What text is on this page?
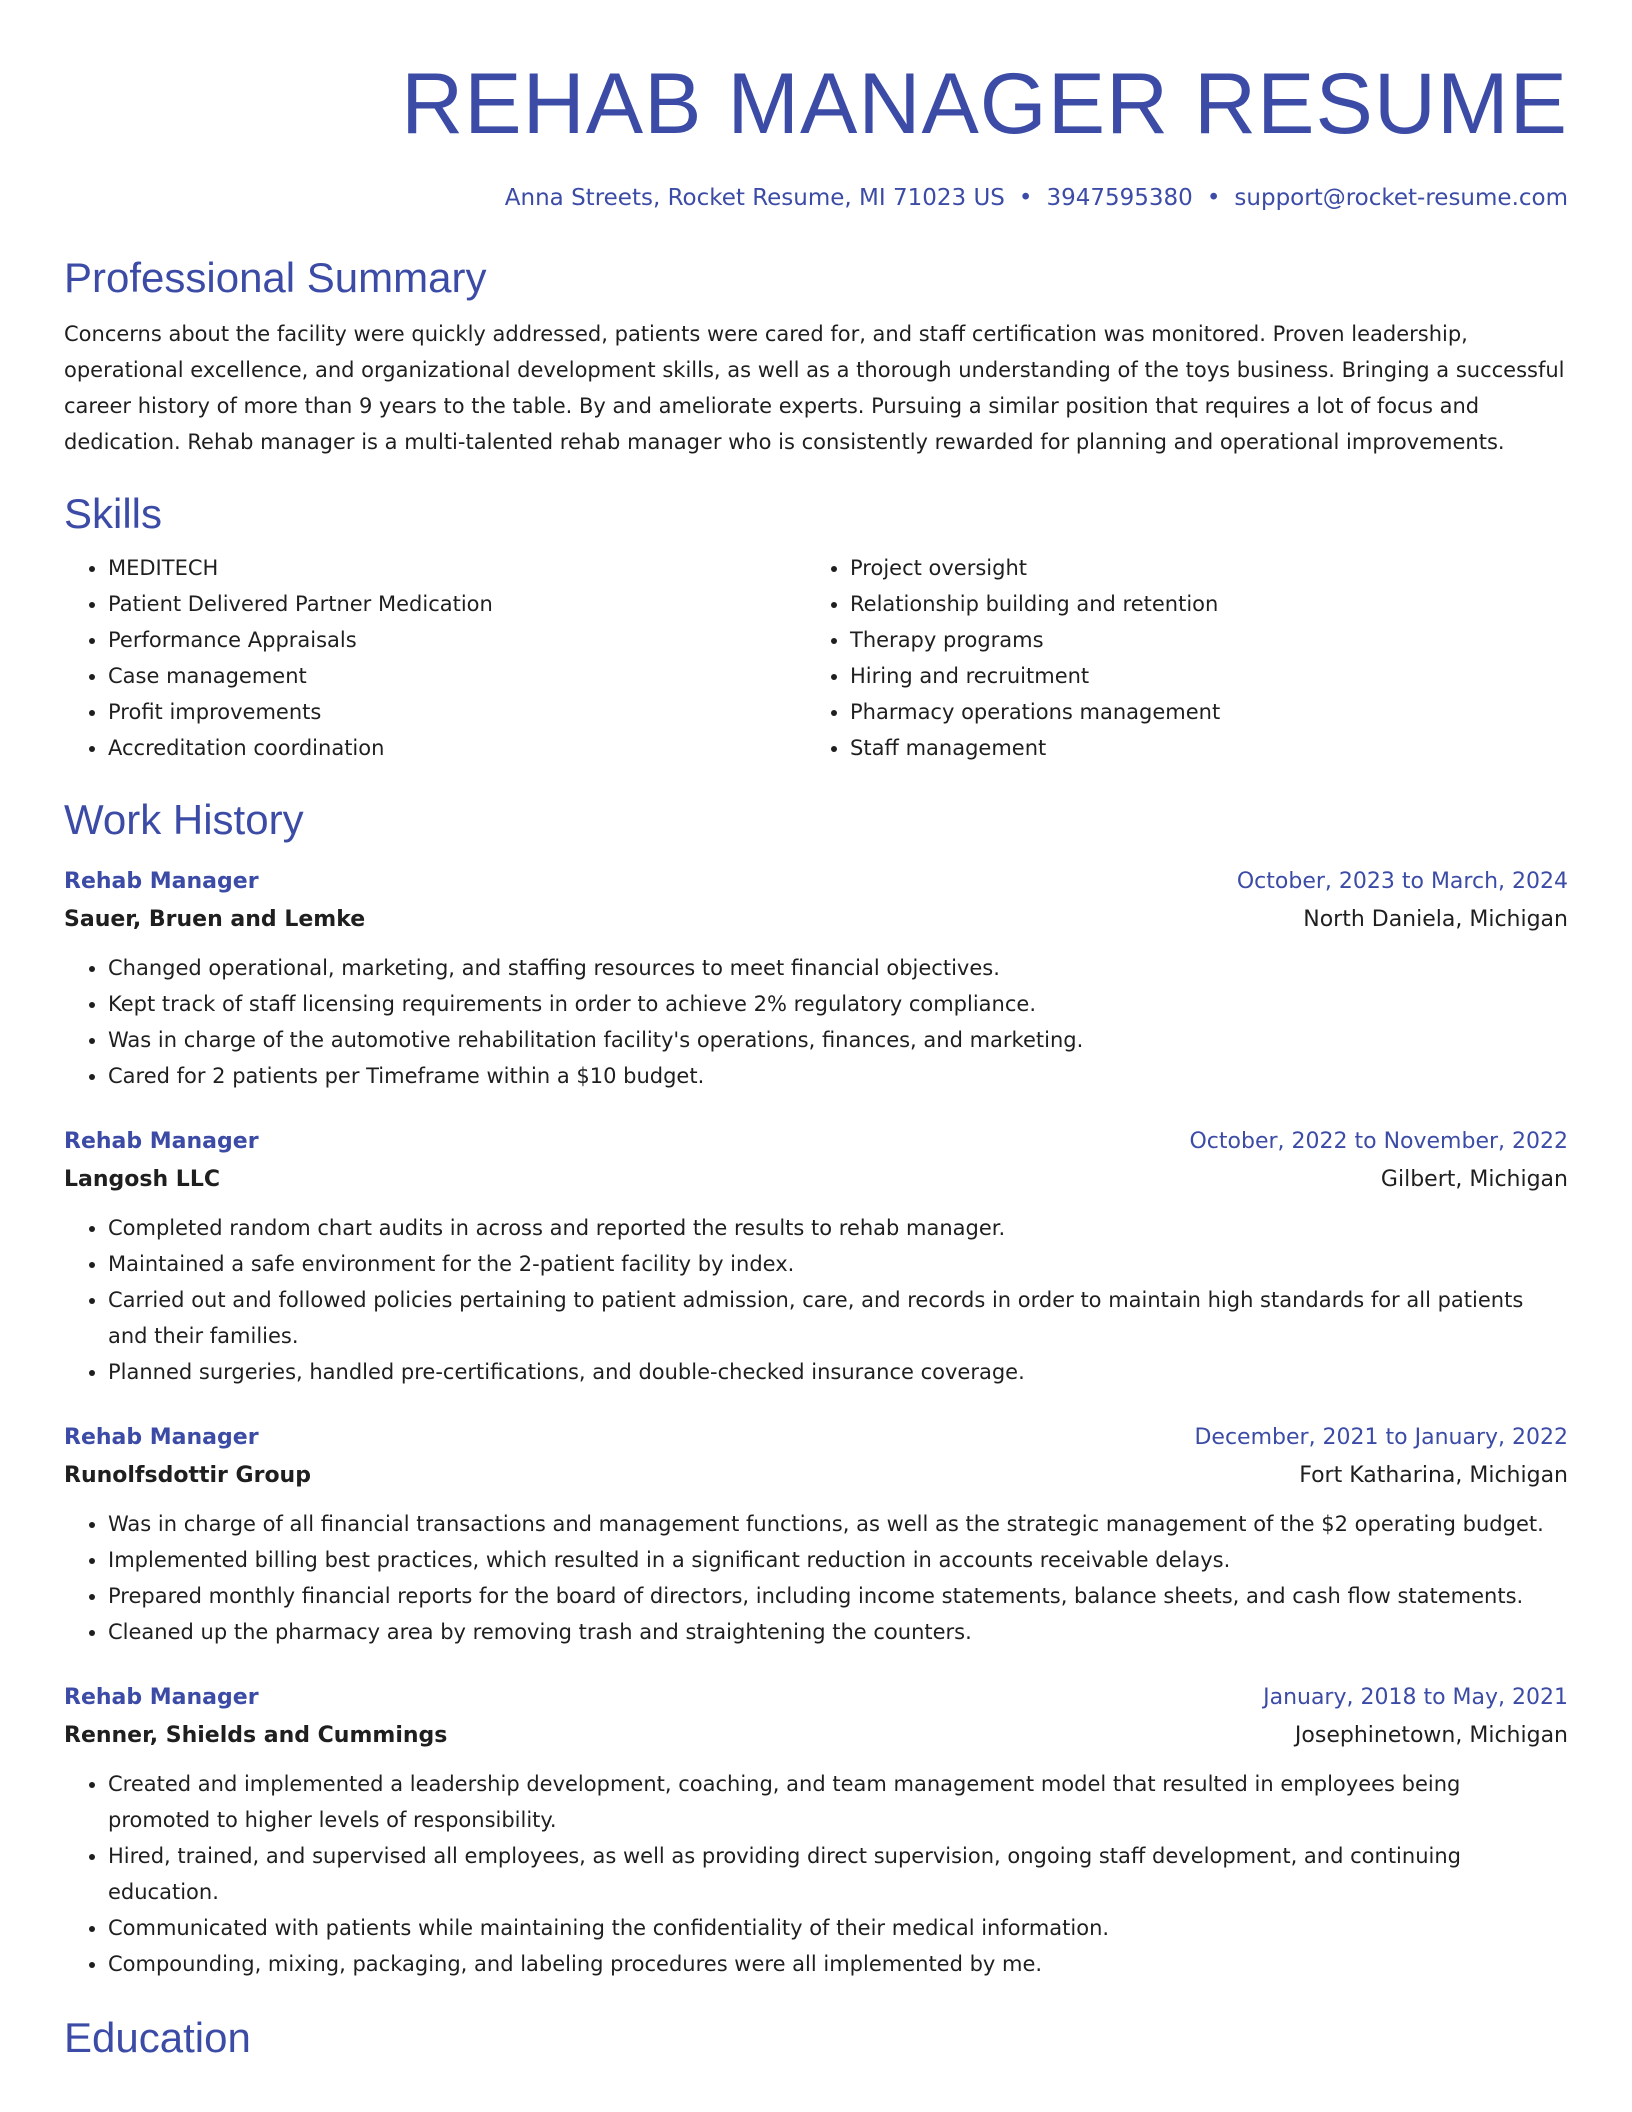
REHAB MANAGER RESUME
Anna Streets, Rocket Resume, MI 71023 US • 3947595380 • support@rocket-resume.com
Professional Summary
Concerns about the facility were quickly addressed, patients were cared for, and staff certification was monitored. Proven leadership, operational excellence, and organizational development skills, as well as a thorough understanding of the toys business. Bringing a successful career history of more than 9 years to the table. By and ameliorate experts. Pursuing a similar position that requires a lot of focus and dedication. Rehab manager is a multi-talented rehab manager who is consistently rewarded for planning and operational improvements.
Skills
• MEDITECH
• Patient Delivered Partner Medication
• Performance Appraisals
• Case management
• Profit improvements
• Accreditation coordination
• Project oversight
• Relationship building and retention
• Therapy programs
• Hiring and recruitment
• Pharmacy operations management
• Staff management
Work History
Rehab Manager	October, 2023 to March, 2024
Sauer, Bruen and Lemke	North Daniela, Michigan
• Changed operational, marketing, and staffing resources to meet financial objectives.
• Kept track of staff licensing requirements in order to achieve 2% regulatory compliance.
• Was in charge of the automotive rehabilitation facility's operations, finances, and marketing.
• Cared for 2 patients per Timeframe within a $10 budget.
Rehab Manager	October, 2022 to November, 2022
Langosh LLC	Gilbert, Michigan
• Completed random chart audits in across and reported the results to rehab manager.
• Maintained a safe environment for the 2-patient facility by index.
• Carried out and followed policies pertaining to patient admission, care, and records in order to maintain high standards for all patients and their families.
• Planned surgeries, handled pre-certifications, and double-checked insurance coverage.
Rehab Manager	December, 2021 to January, 2022
Runolfsdottir Group	Fort Katharina, Michigan
• Was in charge of all financial transactions and management functions, as well as the strategic management of the $2 operating budget.
• Implemented billing best practices, which resulted in a significant reduction in accounts receivable delays.
• Prepared monthly financial reports for the board of directors, including income statements, balance sheets, and cash flow statements.
• Cleaned up the pharmacy area by removing trash and straightening the counters.
Rehab Manager	January, 2018 to May, 2021
Renner, Shields and Cummings	Josephinetown, Michigan
• Created and implemented a leadership development, coaching, and team management model that resulted in employees being promoted to higher levels of responsibility.
• Hired, trained, and supervised all employees, as well as providing direct supervision, ongoing staff development, and continuing education.
• Communicated with patients while maintaining the confidentiality of their medical information.
• Compounding, mixing, packaging, and labeling procedures were all implemented by me.
Education
